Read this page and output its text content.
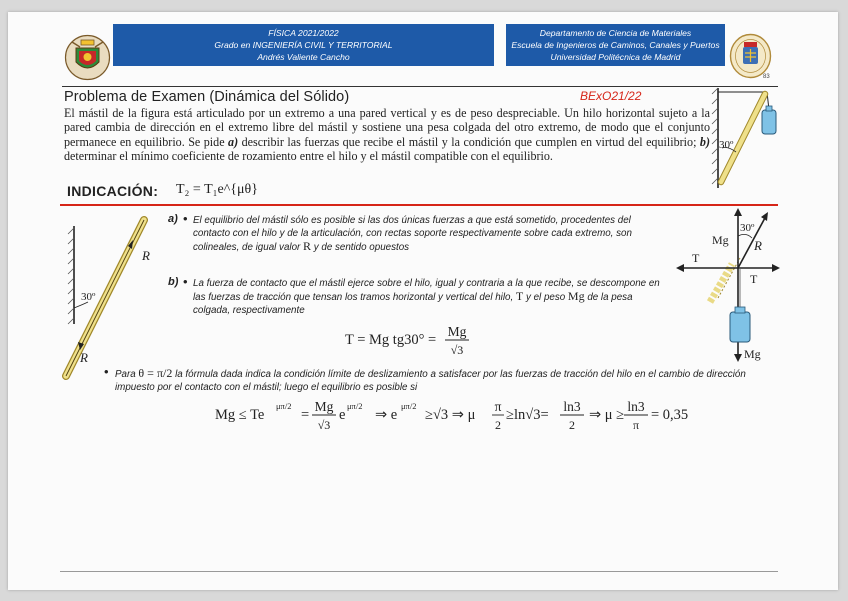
FÍSICA 2021/2022
Grado en INGENIERÍA CIVIL Y TERRITORIAL
Andrés Valiente Cancho
Departamento de Ciencia de Materiales
Escuela de Ingenieros de Caminos, Canales y Puertos
Universidad Politécnica de Madrid
83
Problema de Examen (Dinámica del Sólido)	BExO21/22
El mástil de la figura está articulado por un extremo a una pared vertical y es de peso despreciable. Un hilo horizontal sujeto a la pared cambia de dirección en el extremo libre del mástil y sostiene una pesa colgada del otro extremo, de modo que el conjunto permanece en equilibrio. Se pide a) describir las fuerzas que recibe el mástil y la condición que cumplen en virtud del equilibrio; b) determinar el mínimo coeficiente de rozamiento entre el hilo y el mástil compatible con el equilibrio.
INDICACIÓN: T₂ = T₁e^{μθ}
30º
30º
R
R
a) • El equilibrio del mástil sólo es posible si las dos únicas fuerzas a que está sometido, procedentes del contacto con el hilo y de la articulación, con rectas soporte respectivamente sobre cada extremo, son colineales, de igual valor R y de sentido opuestos
b) • La fuerza de contacto que el mástil ejerce sobre el hilo, igual y contraria a la que recibe, se descompone en las fuerzas de tracción que tensan los tramos horizontal y vertical del hilo, T y el peso Mg de la pesa colgada, respectivamente
T = Mg tg30° =
Mg
√3
30º
Mg R
T
T
Mg
• Para θ = π/2 la fórmula dada indica la condición límite de deslizamiento a satisfacer por las fuerzas de tracción del hilo en el cambio de dirección impuesto por el contacto con el mástil; luego el equilibrio es posible si
Mg ≤ Te
μπ/2
=
Mg
√3
e
μπ/2
⇒ e
μπ/2
≥√3 ⇒ μ
π
2
≥ln√3=
ln3
2
⇒ μ ≥
ln3
π
= 0,35
